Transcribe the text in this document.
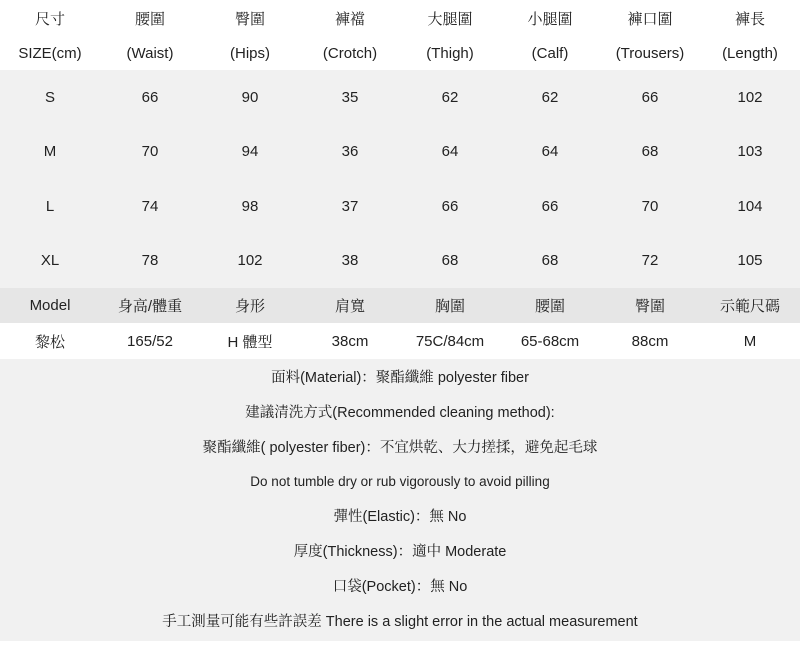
尺寸	腰圍	臀圍	褲襠	大腿圍	小腿圍	褲口圍	褲長
SIZE(cm)	(Waist)	(Hips)	(Crotch)	(Thigh)	(Calf)	(Trousers)	(Length)
S	66	90	35	62	62	66	102
M	70	94	36	64	64	68	103
L	74	98	37	66	66	70	104
XL	78	102	38	68	68	72	105
Model	身高/體重	身形	肩寬	胸圍	腰圍	臀圍	示範尺碼
黎松	165/52	H 體型	38cm	75C/84cm	65-68cm	88cm	M
面料(Material)：聚酯纖維 polyester fiber
建議清洗方式(Recommended cleaning method):
聚酯纖維( polyester fiber)：不宜烘乾、大力搓揉，避免起毛球
Do not tumble dry or rub vigorously to avoid pilling
彈性(Elastic)：無 No
厚度(Thickness)：適中 Moderate
口袋(Pocket)：無 No
手工測量可能有些許誤差 There is a slight error in the actual measurement
